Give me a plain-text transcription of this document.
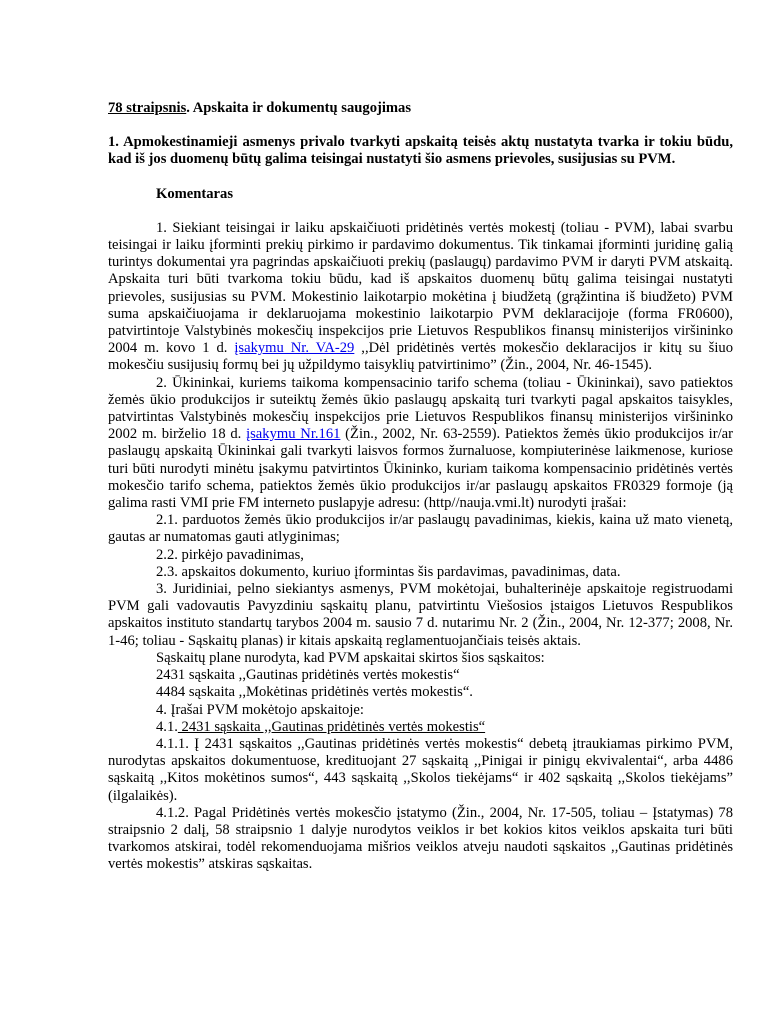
78 straipsnis. Apskaita ir dokumentų saugojimas

1. Apmokestinamieji asmenys privalo tvarkyti apskaitą teisės aktų nustatyta tvarka ir tokiu būdu, kad iš jos duomenų būtų galima teisingai nustatyti šio asmens prievoles, susijusias su PVM.

Komentaras

1. Siekiant teisingai ir laiku apskaičiuoti pridėtinės vertės mokestį (toliau - PVM), labai svarbu teisingai ir laiku įforminti prekių pirkimo ir pardavimo dokumentus. Tik tinkamai įforminti juridinę galią turintys dokumentai yra pagrindas apskaičiuoti prekių (paslaugų) pardavimo PVM ir daryti PVM atskaitą. Apskaita turi būti tvarkoma tokiu būdu, kad iš apskaitos duomenų būtų galima teisingai nustatyti prievoles, susijusias su PVM. Mokestinio laikotarpio mokėtina į biudžetą (grąžintina iš biudžeto) PVM suma apskaičiuojama ir deklaruojama mokestinio laikotarpio PVM deklaracijoje (forma FR0600), patvirtintoje Valstybinės mokesčių inspekcijos prie Lietuvos Respublikos finansų ministerijos viršininko 2004 m. kovo 1 d. įsakymu Nr. VA-29 ,,Dėl pridėtinės vertės mokesčio deklaracijos ir kitų su šiuo mokesčiu susijusių formų bei jų užpildymo taisyklių patvirtinimo” (Žin., 2004, Nr. 46-1545).

2. Ūkininkai, kuriems taikoma kompensacinio tarifo schema (toliau - Ūkininkai), savo patiektos žemės ūkio produkcijos ir suteiktų žemės ūkio paslaugų apskaitą turi tvarkyti pagal apskaitos taisykles, patvirtintas Valstybinės mokesčių inspekcijos prie Lietuvos Respublikos finansų ministerijos viršininko 2002 m. birželio 18 d. įsakymu Nr.161 (Žin., 2002, Nr. 63-2559). Patiektos žemės ūkio produkcijos ir/ar paslaugų apskaitą Ūkininkai gali tvarkyti laisvos formos žurnaluose, kompiuterinėse laikmenose, kuriose turi būti nurodyti minėtu įsakymu patvirtintos Ūkininko, kuriam taikoma kompensacinio pridėtinės vertės mokesčio tarifo schema, patiektos žemės ūkio produkcijos ir/ar paslaugų apskaitos FR0329 formoje (ją galima rasti VMI prie FM interneto puslapyje adresu: (http//nauja.vmi.lt) nurodyti įrašai:

2.1. parduotos žemės ūkio produkcijos ir/ar paslaugų pavadinimas, kiekis, kaina už mato vienetą, gautas ar numatomas gauti atlyginimas;

2.2. pirkėjo pavadinimas,

2.3. apskaitos dokumento, kuriuo įformintas šis pardavimas, pavadinimas, data.

3. Juridiniai, pelno siekiantys asmenys, PVM mokėtojai, buhalterinėje apskaitoje registruodami PVM gali vadovautis Pavyzdiniu sąskaitų planu, patvirtintu Viešosios įstaigos Lietuvos Respublikos apskaitos instituto standartų tarybos 2004 m. sausio 7 d. nutarimu Nr. 2 (Žin., 2004, Nr. 12-377; 2008, Nr. 1-46; toliau - Sąskaitų planas) ir kitais apskaitą reglamentuojančiais teisės aktais.

Sąskaitų plane nurodyta, kad PVM apskaitai skirtos šios sąskaitos:

2431 sąskaita ,,Gautinas pridėtinės vertės mokestis“

4484 sąskaita ,,Mokėtinas pridėtinės vertės mokestis“.

4. Įrašai PVM mokėtojo apskaitoje:

4.1. 2431 sąskaita ,,Gautinas pridėtinės vertės mokestis“

4.1.1. Į 2431 sąskaitos ,,Gautinas pridėtinės vertės mokestis“ debetą įtraukiamas pirkimo PVM, nurodytas apskaitos dokumentuose, kredituojant 27 sąskaitą ,,Pinigai ir pinigų ekvivalentai“, arba 4486 sąskaitą ,,Kitos mokėtinos sumos“, 443 sąskaitą ,,Skolos tiekėjams“ ir 402 sąskaitą ,,Skolos tiekėjams” (ilgalaikės).

4.1.2. Pagal Pridėtinės vertės mokesčio įstatymo (Žin., 2004, Nr. 17-505, toliau – Įstatymas) 78 straipsnio 2 dalį, 58 straipsnio 1 dalyje nurodytos veiklos ir bet kokios kitos veiklos apskaita turi būti tvarkomos atskirai, todėl rekomenduojama mišrios veiklos atveju naudoti sąskaitos ,,Gautinas pridėtinės vertės mokestis” atskiras sąskaitas.
